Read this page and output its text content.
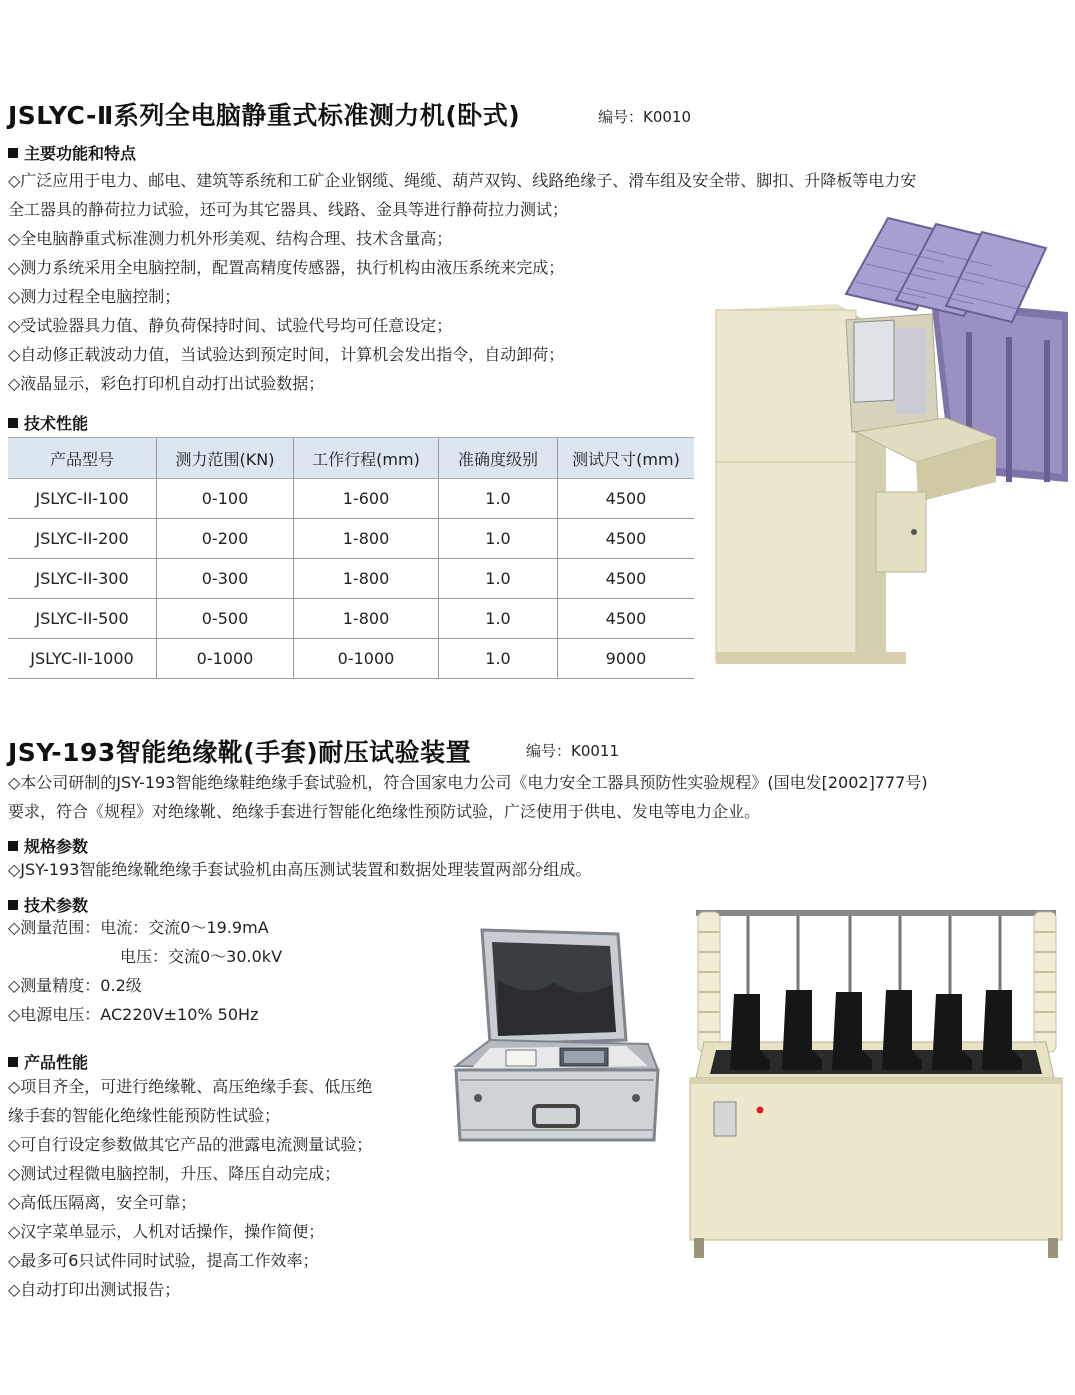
JSLYC-Ⅱ系列全电脑静重式标准测力机(卧式)	编号：K0010
主要功能和特点
◇广泛应用于电力、邮电、建筑等系统和工矿企业钢缆、绳缆、葫芦双钩、线路绝缘子、滑车组及安全带、脚扣、升降板等电力安
全工器具的静荷拉力试验，还可为其它器具、线路、金具等进行静荷拉力测试；
◇全电脑静重式标准测力机外形美观、结构合理、技术含量高；
◇测力系统采用全电脑控制，配置高精度传感器，执行机构由液压系统来完成；
◇测力过程全电脑控制；
◇受试验器具力值、静负荷保持时间、试验代号均可任意设定；
◇自动修正载波动力值，当试验达到预定时间，计算机会发出指令，自动卸荷；
◇液晶显示，彩色打印机自动打出试验数据；
技术性能
产品型号	测力范围(KN)	工作行程(mm)	准确度级别	测试尺寸(mm)
JSLYC-II-100	0-100	1-600	1.0	4500
JSLYC-II-200	0-200	1-800	1.0	4500
JSLYC-II-300	0-300	1-800	1.0	4500
JSLYC-II-500	0-500	1-800	1.0	4500
JSLYC-II-1000	0-1000	0-1000	1.0	9000
JSY-193智能绝缘靴(手套)耐压试验装置	编号：K0011
◇本公司研制的JSY-193智能绝缘鞋绝缘手套试验机，符合国家电力公司《电力安全工器具预防性实验规程》(国电发[2002]777号)
要求，符合《规程》对绝缘靴、绝缘手套进行智能化绝缘性预防试验，广泛使用于供电、发电等电力企业。
规格参数
◇JSY-193智能绝缘靴绝缘手套试验机由高压测试装置和数据处理装置两部分组成。
技术参数
◇测量范围：电流：交流0～19.9mA
电压：交流0～30.0kV
◇测量精度：0.2级
◇电源电压：AC220V±10% 50Hz
产品性能
◇项目齐全，可进行绝缘靴、高压绝缘手套、低压绝
缘手套的智能化绝缘性能预防性试验；
◇可自行设定参数做其它产品的泄露电流测量试验；
◇测试过程微电脑控制，升压、降压自动完成；
◇高低压隔离，安全可靠；
◇汉字菜单显示，人机对话操作，操作简便；
◇最多可6只试件同时试验，提高工作效率；
◇自动打印出测试报告；
